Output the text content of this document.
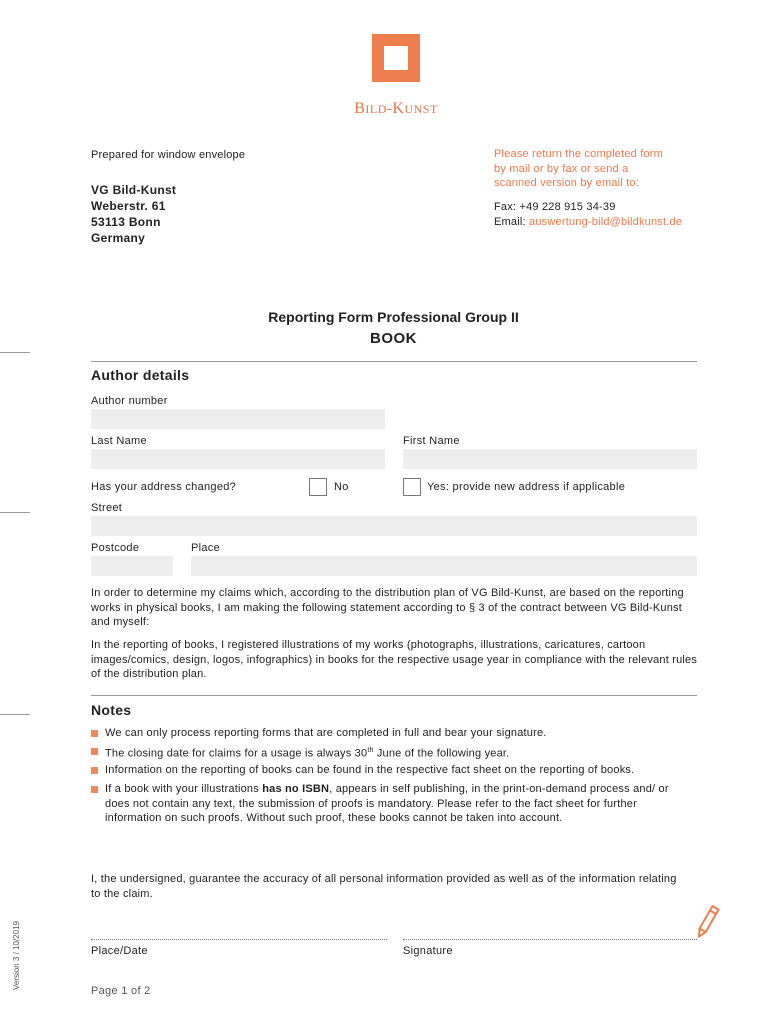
BILD-KUNST
Prepared for window envelope
VG Bild-Kunst
Weberstr. 61
53113 Bonn
Germany
Please return the completed form
by mail or by fax or send a
scanned version by email to:
Fax: +49 228 915 34-39
Email: auswertung-bild@bildkunst.de
Reporting Form Professional Group II
BOOK
Author details
Author number
Last Name	First Name
Has your address changed?	No	Yes: provide new address if applicable
Street
Postcode	Place
In order to determine my claims which, according to the distribution plan of VG Bild-Kunst, are based on the reporting works in physical books, I am making the following statement according to § 3 of the contract between VG Bild-Kunst and myself:
In the reporting of books, I registered illustrations of my works (photographs, illustrations, caricatures, cartoon images/comics, design, logos, infographics) in books for the respective usage year in compliance with the relevant rules of the distribution plan.
Notes
We can only process reporting forms that are completed in full and bear your signature.
The closing date for claims for a usage is always 30th June of the following year.
Information on the reporting of books can be found in the respective fact sheet on the reporting of books.
If a book with your illustrations has no ISBN, appears in self publishing, in the print-on-demand process and/ or does not contain any text, the submission of proofs is mandatory. Please refer to the fact sheet for further information on such proofs. Without such proof, these books cannot be taken into account.
I, the undersigned, guarantee the accuracy of all personal information provided as well as of the information relating to the claim.
Place/Date	Signature
Page 1 of 2
Version 3 / 10/2019
